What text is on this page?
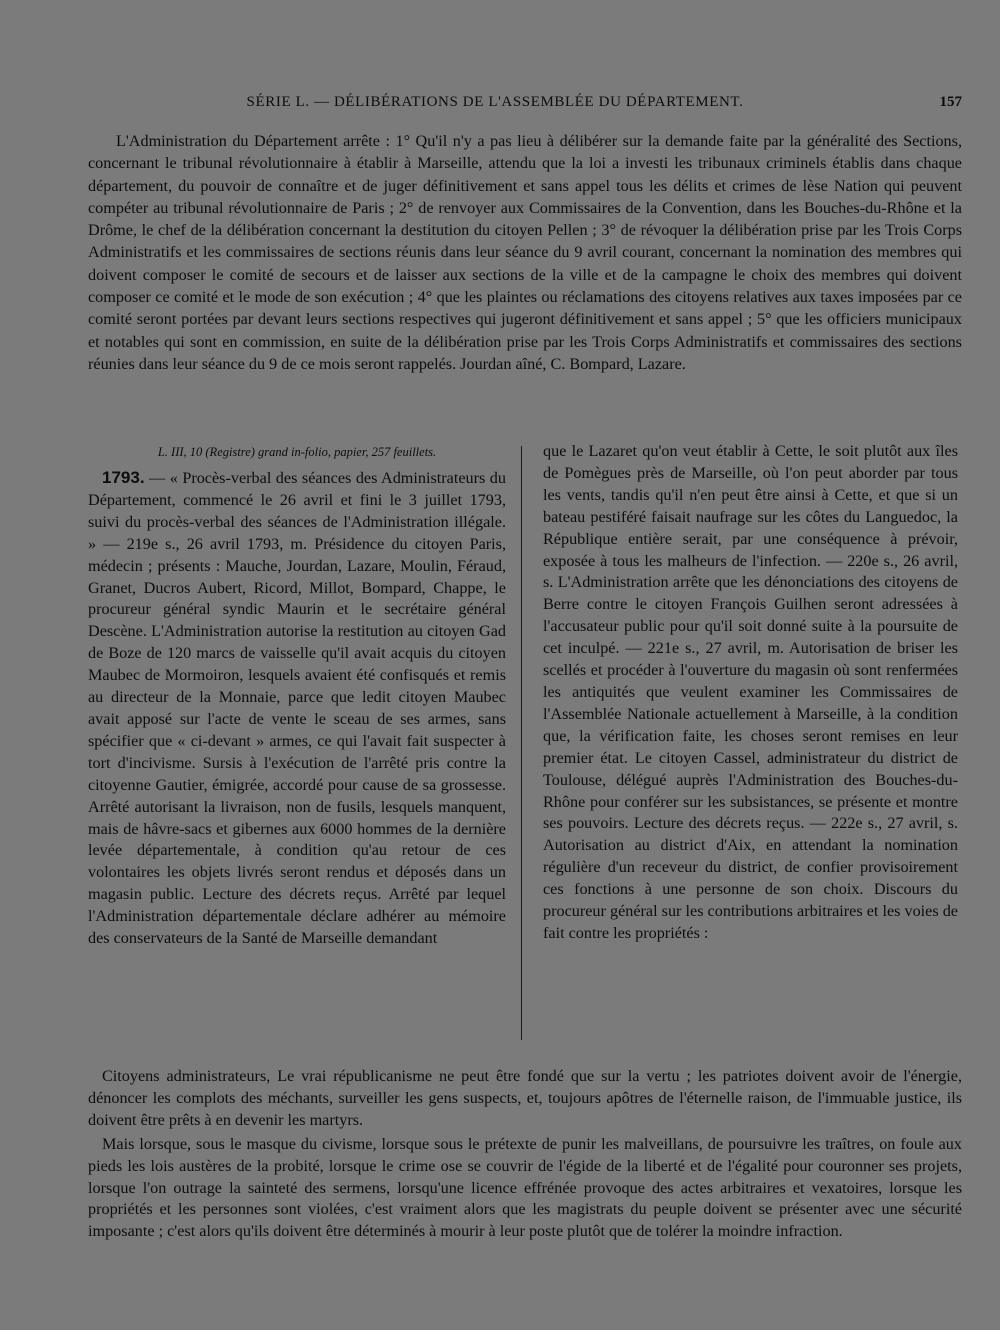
SÉRIE L. — DÉLIBÉRATIONS DE L'ASSEMBLÉE DU DÉPARTEMENT.	157

L'Administration du Département arrête : 1° Qu'il n'y a pas lieu à délibérer sur la demande faite par la généralité des Sections, concernant le tribunal révolutionnaire à établir à Marseille, attendu que la loi a investi les tribunaux criminels établis dans chaque département, du pouvoir de connaître et de juger définitivement et sans appel tous les délits et crimes de lèse Nation qui peuvent compéter au tribunal révolutionnaire de Paris ; 2° de renvoyer aux Commissaires de la Convention, dans les Bouches-du-Rhône et la Drôme, le chef de la délibération concernant la destitution du citoyen Pellen ; 3° de révoquer la délibération prise par les Trois Corps Administratifs et les commissaires de sections réunis dans leur séance du 9 avril courant, concernant la nomination des membres qui doivent composer le comité de secours et de laisser aux sections de la ville et de la campagne le choix des membres qui doivent composer ce comité et le mode de son exécution ; 4° que les plaintes ou réclamations des citoyens relatives aux taxes imposées par ce comité seront portées par devant leurs sections respectives qui jugeront définitivement et sans appel ; 5° que les officiers municipaux et notables qui sont en commission, en suite de la délibération prise par les Trois Corps Administratifs et commissaires des sections réunies dans leur séance du 9 de ce mois seront rappelés. Jourdan aîné, C. Bompard, Lazare.

L. III, 10 (Registre) grand in-folio, papier, 257 feuillets.

1793. — « Procès-verbal des séances des Administrateurs du Département, commencé le 26 avril et fini le 3 juillet 1793, suivi du procès-verbal des séances de l'Administration illégale. » — 219e s., 26 avril 1793, m. Présidence du citoyen Paris, médecin ; présents : Mauche, Jourdan, Lazare, Moulin, Féraud, Granet, Ducros Aubert, Ricord, Millot, Bompard, Chappe, le procureur général syndic Maurin et le secrétaire général Descène. L'Administration autorise la restitution au citoyen Gad de Boze de 120 marcs de vaisselle qu'il avait acquis du citoyen Maubec de Mormoiron, lesquels avaient été confisqués et remis au directeur de la Monnaie, parce que ledit citoyen Maubec avait apposé sur l'acte de vente le sceau de ses armes, sans spécifier que « ci-devant » armes, ce qui l'avait fait suspecter à tort d'incivisme. Sursis à l'exécution de l'arrêté pris contre la citoyenne Gautier, émigrée, accordé pour cause de sa grossesse. Arrêté autorisant la livraison, non de fusils, lesquels manquent, mais de hâvre-sacs et gibernes aux 6000 hommes de la dernière levée départementale, à condition qu'au retour de ces volontaires les objets livrés seront rendus et déposés dans un magasin public. Lecture des décrets reçus. Arrêté par lequel l'Administration départementale déclare adhérer au mémoire des conservateurs de la Santé de Marseille demandant

que le Lazaret qu'on veut établir à Cette, le soit plutôt aux îles de Pomègues près de Marseille, où l'on peut aborder par tous les vents, tandis qu'il n'en peut être ainsi à Cette, et que si un bateau pestiféré faisait naufrage sur les côtes du Languedoc, la République entière serait, par une conséquence à prévoir, exposée à tous les malheurs de l'infection. — 220e s., 26 avril, s. L'Administration arrête que les dénonciations des citoyens de Berre contre le citoyen François Guilhen seront adressées à l'accusateur public pour qu'il soit donné suite à la poursuite de cet inculpé. — 221e s., 27 avril, m. Autorisation de briser les scellés et procéder à l'ouverture du magasin où sont renfermées les antiquités que veulent examiner les Commissaires de l'Assemblée Nationale actuellement à Marseille, à la condition que, la vérification faite, les choses seront remises en leur premier état. Le citoyen Cassel, administrateur du district de Toulouse, délégué auprès l'Administration des Bouches-du-Rhône pour conférer sur les subsistances, se présente et montre ses pouvoirs. Lecture des décrets reçus. — 222e s., 27 avril, s. Autorisation au district d'Aix, en attendant la nomination régulière d'un receveur du district, de confier provisoirement ces fonctions à une personne de son choix. Discours du procureur général sur les contributions arbitraires et les voies de fait contre les propriétés :

Citoyens administrateurs, Le vrai républicanisme ne peut être fondé que sur la vertu ; les patriotes doivent avoir de l'énergie, dénoncer les complots des méchants, surveiller les gens suspects, et, toujours apôtres de l'éternelle raison, de l'immuable justice, ils doivent être prêts à en devenir les martyrs.

Mais lorsque, sous le masque du civisme, lorsque sous le prétexte de punir les malveillans, de poursuivre les traîtres, on foule aux pieds les lois austères de la probité, lorsque le crime ose se couvrir de l'égide de la liberté et de l'égalité pour couronner ses projets, lorsque l'on outrage la sainteté des sermens, lorsqu'une licence effrénée provoque des actes arbitraires et vexatoires, lorsque les propriétés et les personnes sont violées, c'est vraiment alors que les magistrats du peuple doivent se présenter avec une sécurité imposante ; c'est alors qu'ils doivent être déterminés à mourir à leur poste plutôt que de tolérer la moindre infraction.
